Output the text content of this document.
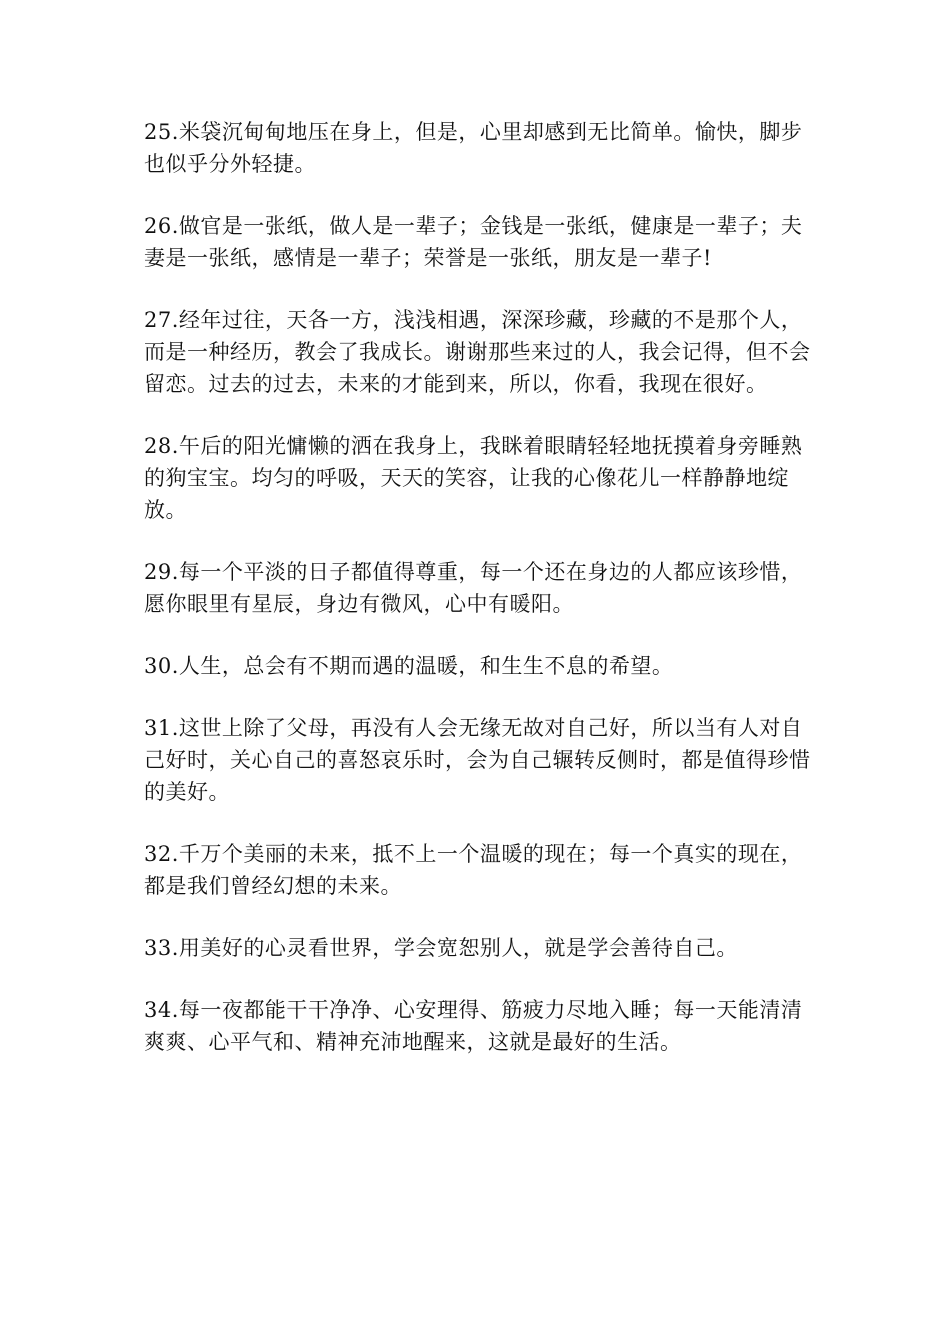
25.米袋沉甸甸地压在身上，但是，心里却感到无比简单。愉快，脚步也似乎分外轻捷。

26.做官是一张纸，做人是一辈子；金钱是一张纸，健康是一辈子；夫妻是一张纸，感情是一辈子；荣誉是一张纸，朋友是一辈子!

27.经年过往，天各一方，浅浅相遇，深深珍藏，珍藏的不是那个人，而是一种经历，教会了我成长。谢谢那些来过的人，我会记得，但不会留恋。过去的过去，未来的才能到来，所以，你看，我现在很好。

28.午后的阳光慵懒的洒在我身上，我眯着眼睛轻轻地抚摸着身旁睡熟的狗宝宝。均匀的呼吸，天天的笑容，让我的心像花儿一样静静地绽放。

29.每一个平淡的日子都值得尊重，每一个还在身边的人都应该珍惜，愿你眼里有星辰，身边有微风，心中有暖阳。

30.人生，总会有不期而遇的温暖，和生生不息的希望。

31.这世上除了父母，再没有人会无缘无故对自己好，所以当有人对自己好时，关心自己的喜怒哀乐时，会为自己辗转反侧时，都是值得珍惜的美好。

32.千万个美丽的未来，抵不上一个温暖的现在；每一个真实的现在，都是我们曾经幻想的未来。

33.用美好的心灵看世界，学会宽恕别人，就是学会善待自己。

34.每一夜都能干干净净、心安理得、筋疲力尽地入睡；每一天能清清爽爽、心平气和、精神充沛地醒来，这就是最好的生活。
